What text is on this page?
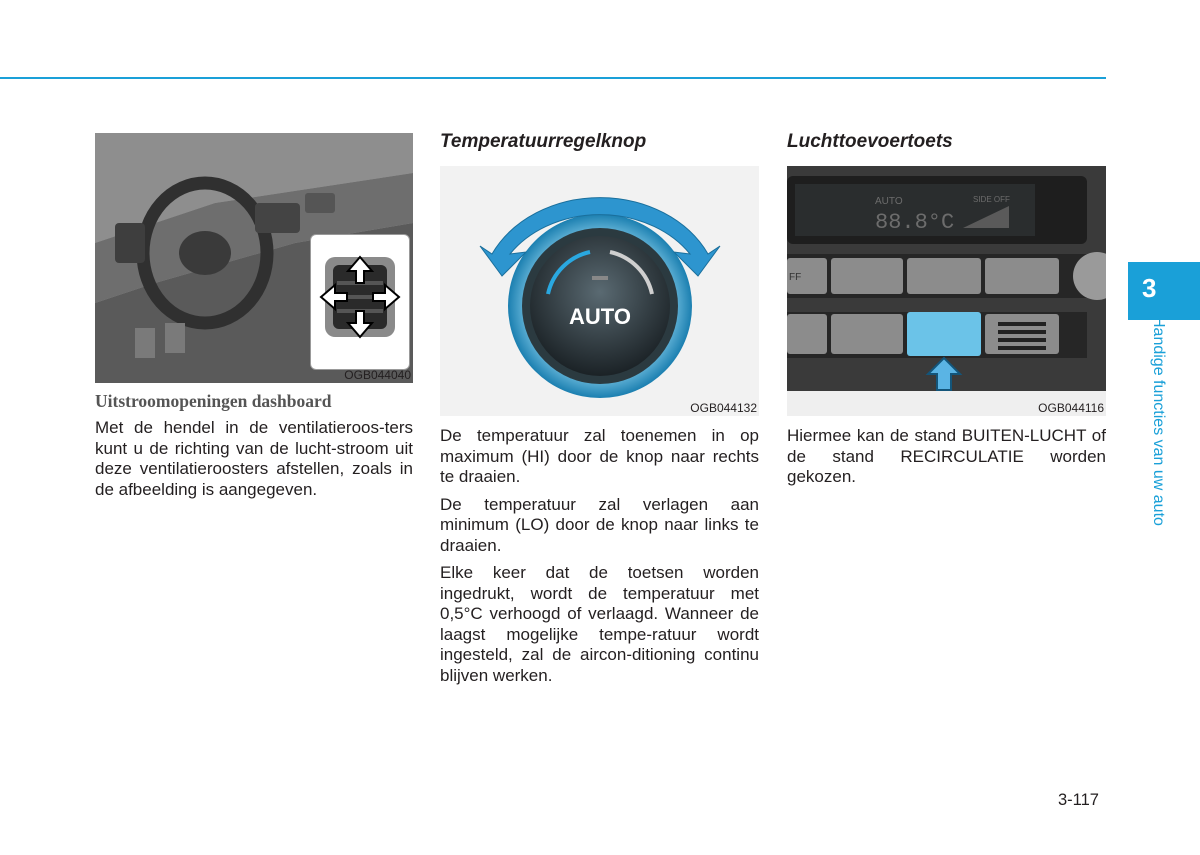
OGB044040
Uitstroomopeningen dashboard

Met de hendel in de ventilatieroos-ters kunt u de richting van de lucht-stroom uit deze ventilatieroosters afstellen, zoals in de afbeelding is aangegeven.

Temperatuurregelknop
AUTO
OGB044132

De temperatuur zal toenemen in op maximum (HI) door de knop naar rechts te draaien.

De temperatuur zal verlagen aan minimum (LO) door de knop naar links te draaien.

Elke keer dat de toetsen worden ingedrukt, wordt de temperatuur met 0,5°C verhoogd of verlaagd. Wanneer de laagst mogelijke tempe-ratuur wordt ingesteld, zal de aircon-ditioning continu blijven werken.

Luchttoevoertoets
AUTO
88.8°C
SIDE OFF
FF
OGB044116

Hiermee kan de stand BUITEN-LUCHT of de stand RECIRCULATIE worden gekozen.

3
Handige functies van uw auto
3-117
